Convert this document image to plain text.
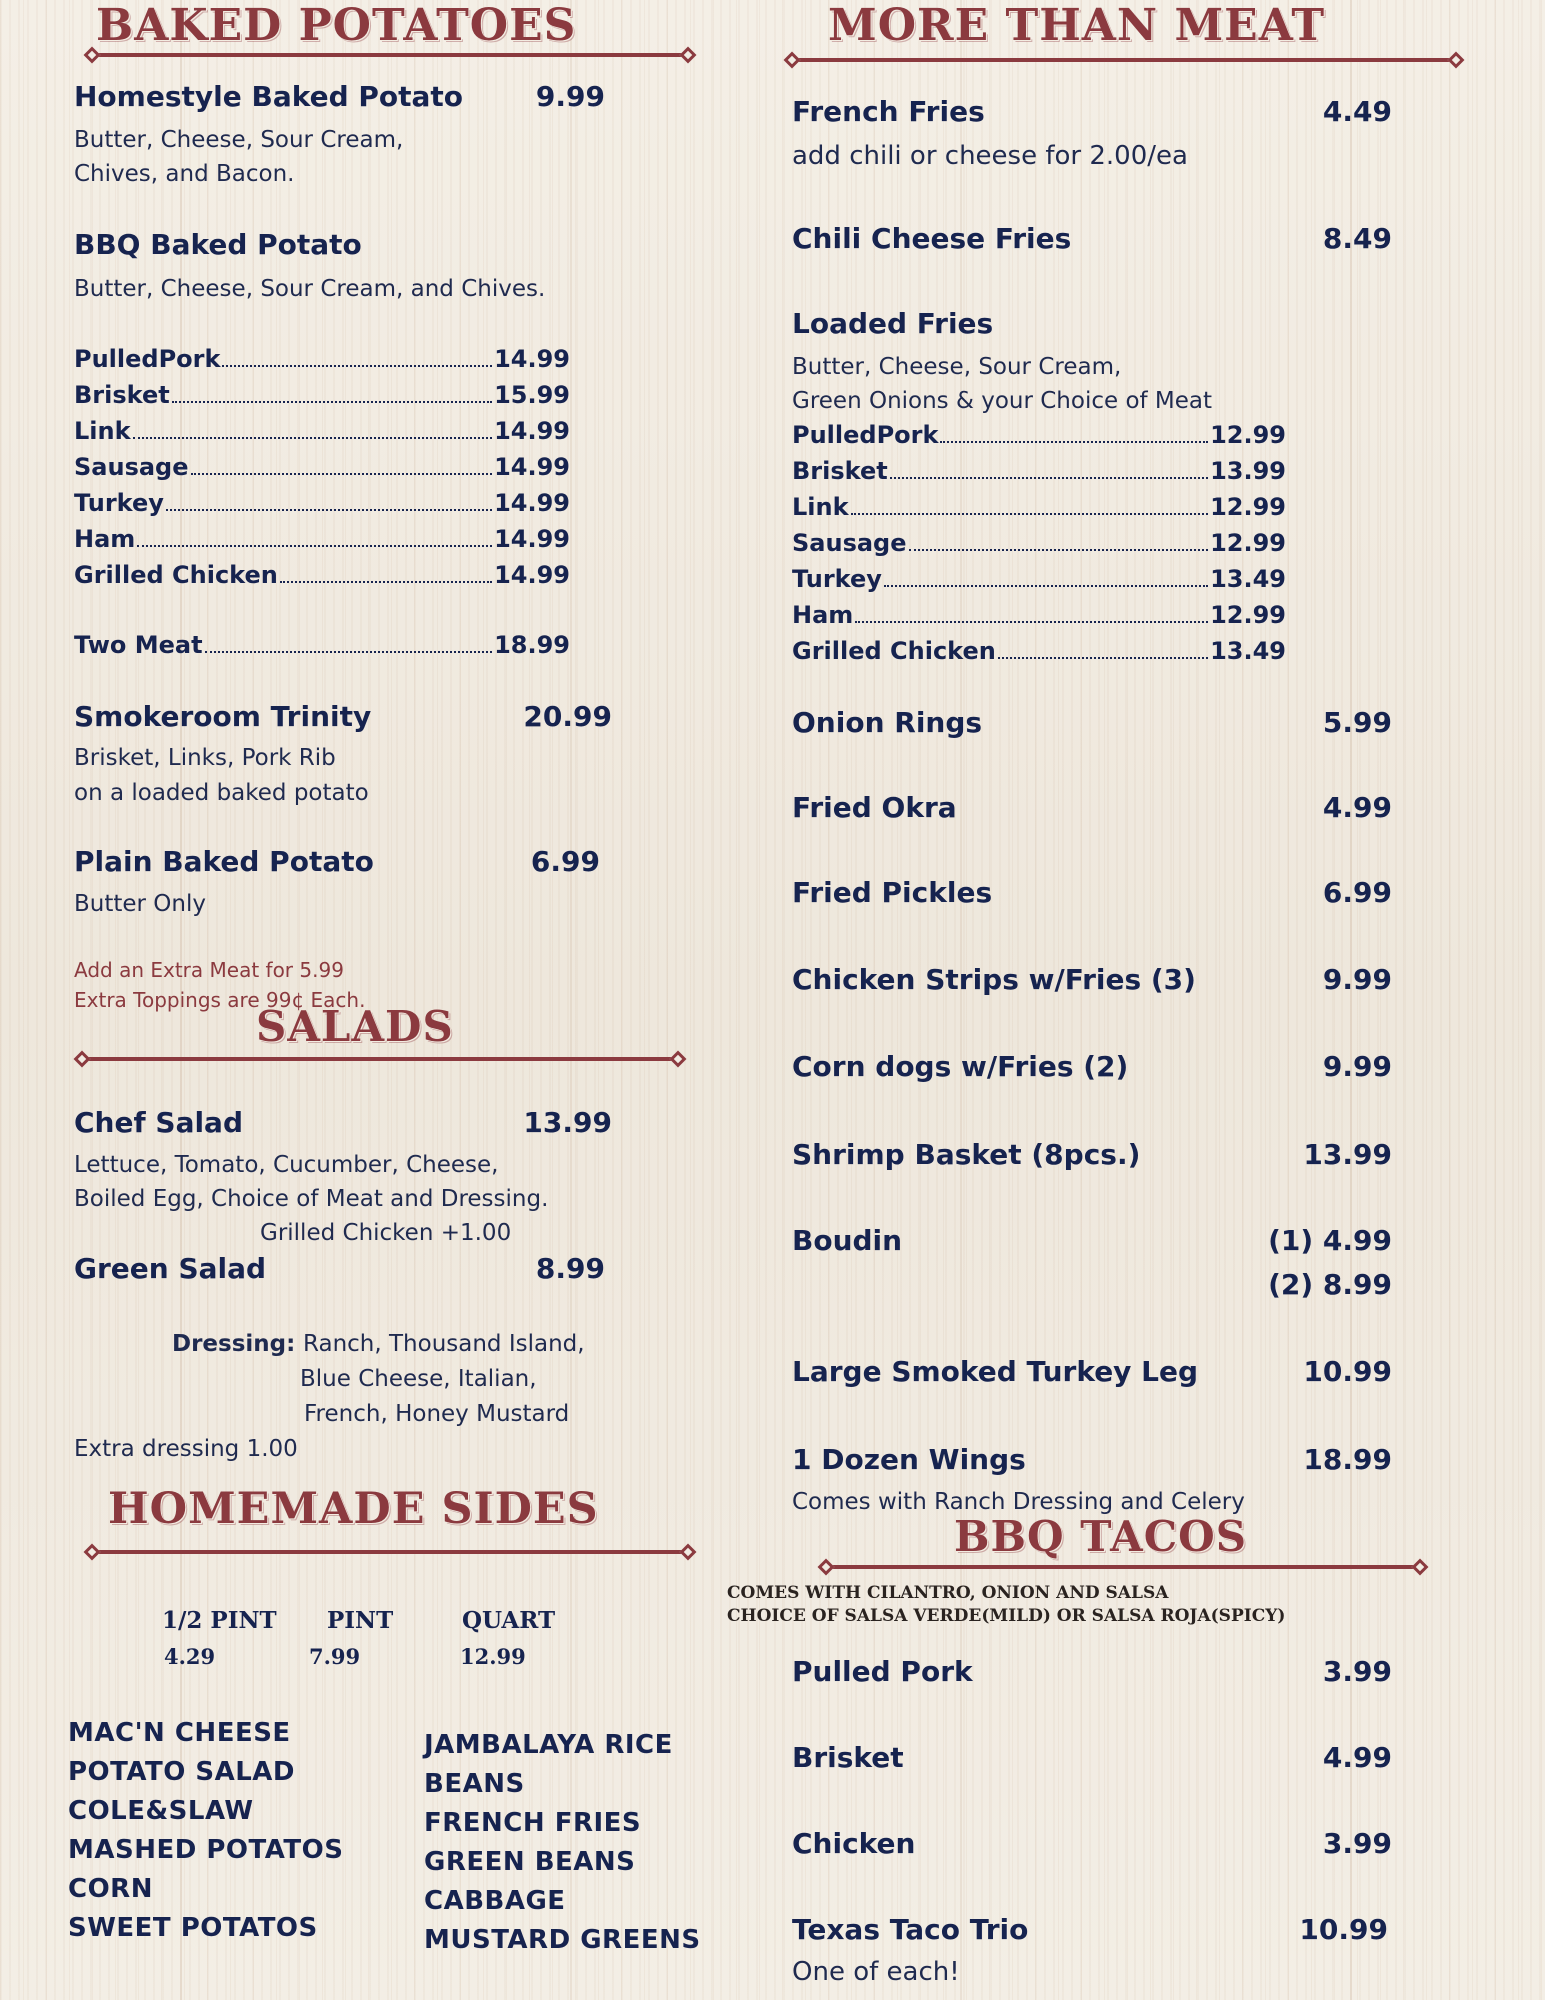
BAKED POTATOES
Homestyle Baked Potato	9.99
Butter, Cheese, Sour Cream,
Chives, and Bacon.
BBQ Baked Potato
Butter, Cheese, Sour Cream, and Chives.
PulledPork	14.99
Brisket	15.99
Link	14.99
Sausage	14.99
Turkey	14.99
Ham	14.99
Grilled Chicken	14.99
Two Meat	18.99
Smokeroom Trinity	20.99
Brisket, Links, Pork Rib
on a loaded baked potato
Plain Baked Potato	6.99
Butter Only
Add an Extra Meat for 5.99
Extra Toppings are 99¢ Each.
SALADS
Chef Salad	13.99
Lettuce, Tomato, Cucumber, Cheese,
Boiled Egg, Choice of Meat and Dressing.
Grilled Chicken +1.00
Green Salad	8.99
Dressing: Ranch, Thousand Island,
Blue Cheese, Italian,
French, Honey Mustard
Extra dressing 1.00
HOMEMADE SIDES
1/2 PINT PINT	QUART
4.29	7.99	12.99
MAC'N CHEESE
POTATO SALAD
COLE&SLAW
MASHED POTATOS
CORN
SWEET POTATOS
JAMBALAYA RICE
BEANS
FRENCH FRIES
GREEN BEANS
CABBAGE
MUSTARD GREENS
MORE THAN MEAT
French Fries	4.49
add chili or cheese for 2.00/ea
Chili Cheese Fries	8.49
Loaded Fries
Butter, Cheese, Sour Cream,
Green Onions & your Choice of Meat
PulledPork	12.99
Brisket	13.99
Link	12.99
Sausage	12.99
Turkey	13.49
Ham	12.99
Grilled Chicken	13.49
Onion Rings	5.99
Fried Okra	4.99
Fried Pickles	6.99
Chicken Strips w/Fries (3)	9.99
Corn dogs w/Fries (2)	9.99
Shrimp Basket (8pcs.)	13.99
Boudin	(1) 4.99
(2) 8.99
Large Smoked Turkey Leg	10.99
1 Dozen Wings	18.99
Comes with Ranch Dressing and Celery
BBQ TACOS
COMES WITH CILANTRO, ONION AND SALSA
CHOICE OF SALSA VERDE(MILD) OR SALSA ROJA(SPICY)
Pulled Pork	3.99
Brisket	4.99
Chicken	3.99
Texas Taco Trio	10.99
One of each!
